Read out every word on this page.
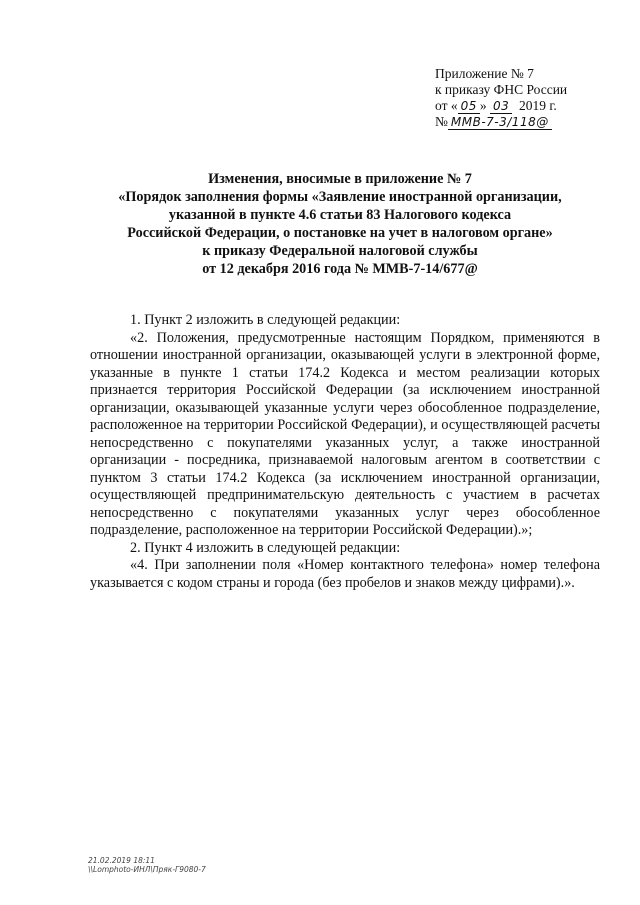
Приложение № 7
к приказу ФНС России
от « 05 » 03 2019 г.
№ ММВ-7-3/118@
Изменения, вносимые в приложение № 7
«Порядок заполнения формы «Заявление иностранной организации,
указанной в пункте 4.6 статьи 83 Налогового кодекса
Российской Федерации, о постановке на учет в налоговом органе»
к приказу Федеральной налоговой службы
от 12 декабря 2016 года № ММВ-7-14/677@

1. Пункт 2 изложить в следующей редакции:

«2. Положения, предусмотренные настоящим Порядком, применяются в отношении иностранной организации, оказывающей услуги в электронной форме, указанные в пункте 1 статьи 174.2 Кодекса и местом реализации которых признается территория Российской Федерации (за исключением иностранной организации, оказывающей указанные услуги через обособленное подразделение, расположенное на территории Российской Федерации), и осуществляющей расчеты непосредственно с покупателями указанных услуг, а также иностранной организации - посредника, признаваемой налоговым агентом в соответствии с пунктом 3 статьи 174.2 Кодекса (за исключением иностранной организации, осуществляющей предпринимательскую деятельность с участием в расчетах непосредственно с покупателями указанных услуг через обособленное подразделение, расположенное на территории Российской Федерации).»;

2. Пункт 4 изложить в следующей редакции:

«4. При заполнении поля «Номер контактного телефона» номер телефона указывается с кодом страны и города (без пробелов и знаков между цифрами).».

21.02.2019 18:11
\\Lomphoto-ИНЛ\Пряк-Г9080-7
